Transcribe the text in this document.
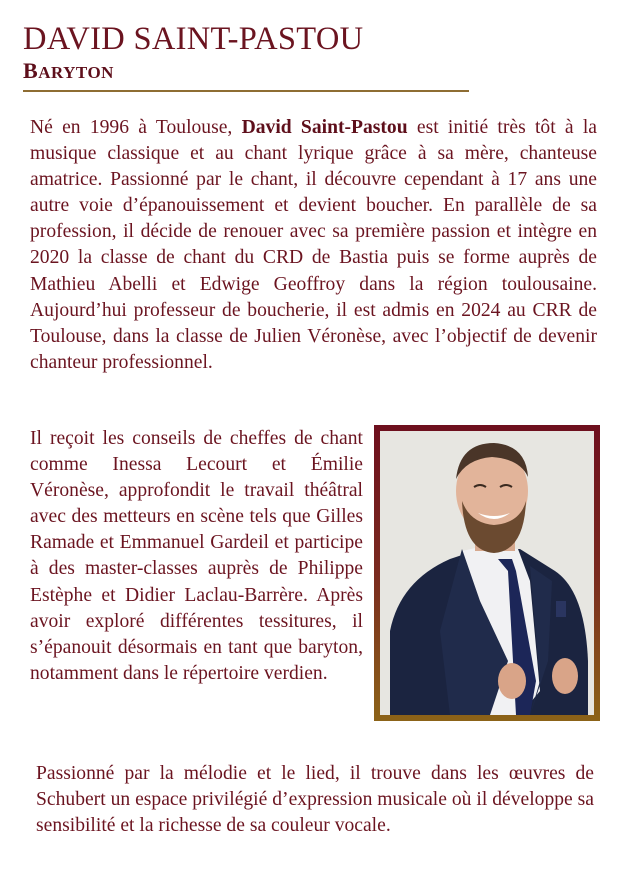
DAVID SAINT-PASTOU
BARYTON

Né en 1996 à Toulouse, David Saint-Pastou est initié très tôt à la musique classique et au chant lyrique grâce à sa mère, chanteuse amatrice. Passionné par le chant, il découvre cependant à 17 ans une autre voie d’épanouissement et devient boucher. En parallèle de sa profession, il décide de renouer avec sa première passion et intègre en 2020 la classe de chant du CRD de Bastia puis se forme auprès de Mathieu Abelli et Edwige Geoffroy dans la région toulousaine. Aujourd’hui professeur de boucherie, il est admis en 2024 au CRR de Toulouse, dans la classe de Julien Véronèse, avec l’objectif de devenir chanteur professionnel.

Il reçoit les conseils de cheffes de chant comme Inessa Lecourt et Émilie Véronèse, approfondit le travail théâtral avec des metteurs en scène tels que Gilles Ramade et Emmanuel Gardeil et participe à des master-classes auprès de Philippe Estèphe et Didier Laclau-Barrère. Après avoir exploré différentes tessitures, il s’épanouit désormais en tant que baryton, notamment dans le répertoire verdien.

Passionné par la mélodie et le lied, il trouve dans les œuvres de Schubert un espace privilégié d’expression musicale où il développe sa sensibilité et la richesse de sa couleur vocale.
